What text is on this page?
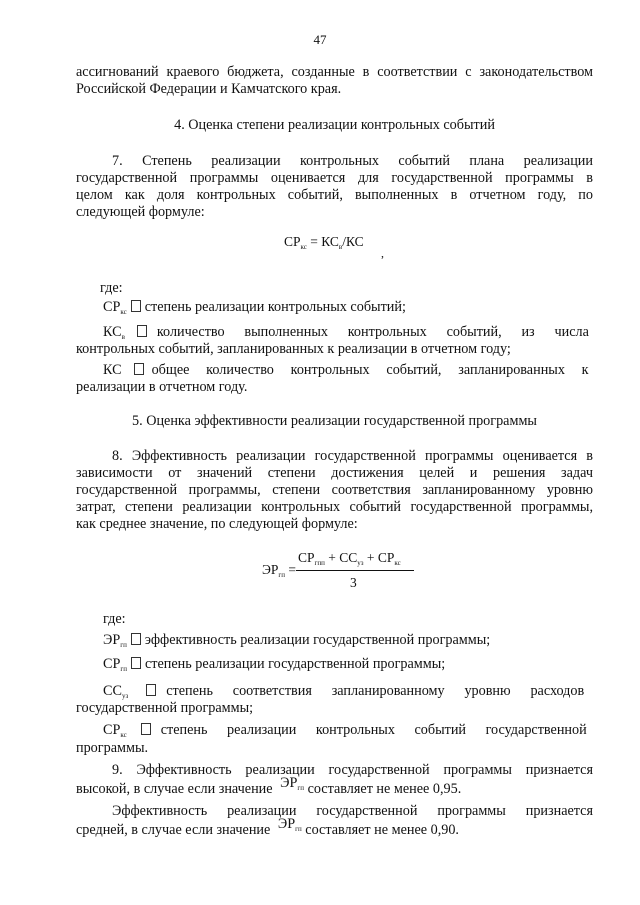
47
ассигнований краевого бюджета, созданные в соответствии с законодательством
Российской Федерации и Камчатского края.
4. Оценка степени реализации контрольных событий
7. Степень реализации контрольных событий плана реализации
государственной программы оценивается для государственной программы в
целом как доля контрольных событий, выполненных в отчетном году, по
следующей формуле:
$СР_{кс} = КС_в/КС$
,
где:
$СР_{кс}$ степень реализации контрольных событий;
$КС_в$ количество выполненных контрольных событий, из числа
контрольных событий, запланированных к реализации в отчетном году;
КС общее количество контрольных событий, запланированных к
реализации в отчетном году.
5. Оценка эффективности реализации государственной программы
8. Эффективность реализации государственной программы оценивается в
зависимости от значений степени достижения целей и решения задач
государственной программы, степени соответствия запланированному уровню
затрат, степени реализации контрольных событий государственной программы,
как среднее значение, по следующей формуле:
$ЭР_{гп}$ =
$СР_{гпп} + СС_{уз} + СР_{кс}$
3
где:
$ЭР_{гп}$ эффективность реализации государственной программы;
$СР_{гп}$ степень реализации государственной программы;
$СС_{уз}$	степень соответствия запланированному уровню расходов
государственной программы;
$СР_{кс}$ степень реализации контрольных событий государственной
программы.
9. Эффективность реализации государственной программы признается
высокой, в случае если значение $ЭР_{гп}$ составляет не менее 0,95.
Эффективность реализации государственной программы признается
средней, в случае если значение $ЭР_{гп}$ составляет не менее 0,90.
